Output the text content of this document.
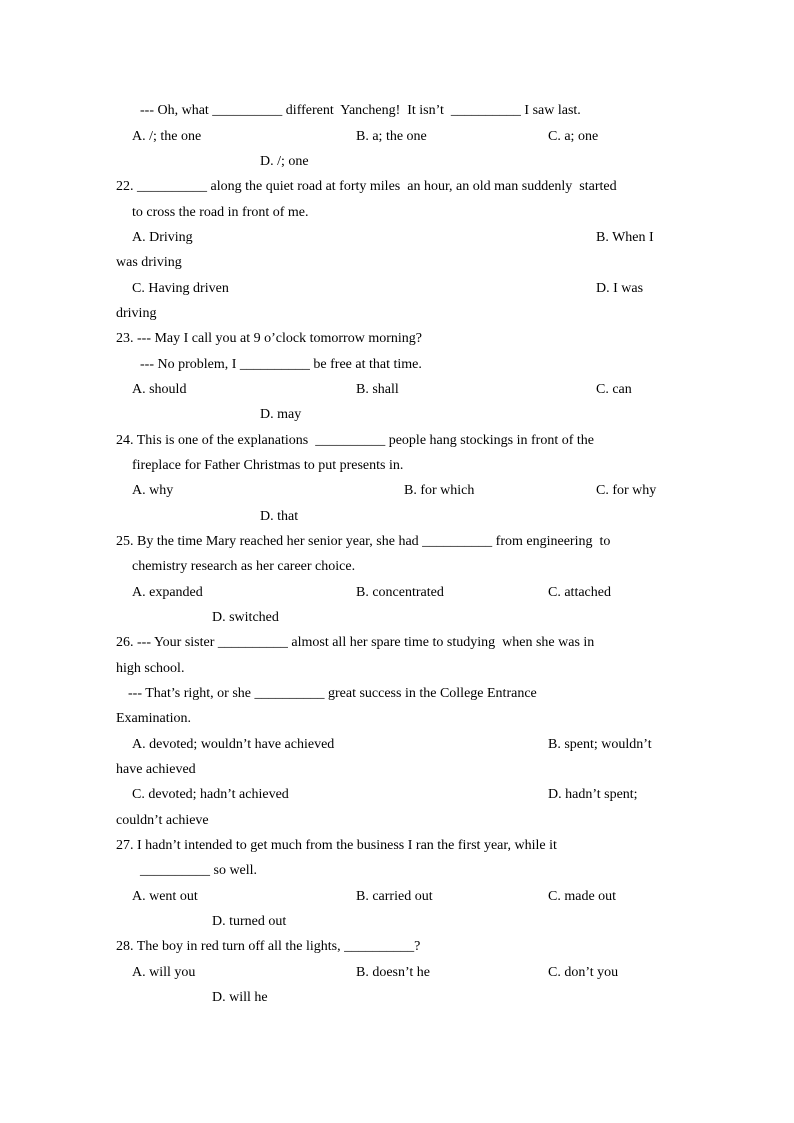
--- Oh, what __________ different  Yancheng!  It isn’t  __________ I saw last.
A. /; the one	B. a; the one	C. a; one
D. /; one
22. __________ along the quiet road at forty miles  an hour, an old man suddenly  started
to cross the road in front of me.
A. Driving	B. When I
was driving
C. Having driven	D. I was
driving
23. --- May I call you at 9 o’clock tomorrow morning?
--- No problem, I __________ be free at that time.
A. should	B. shall	C. can
D. may
24. This is one of the explanations  __________ people hang stockings in front of the
fireplace for Father Christmas to put presents in.
A. why	B. for which	C. for why
D. that
25. By the time Mary reached her senior year, she had __________ from engineering  to
chemistry research as her career choice.
A. expanded	B. concentrated	C. attached
D. switched
26. --- Your sister __________ almost all her spare time to studying  when she was in
high school.
--- That’s right, or she __________ great success in the College Entrance
Examination.
A. devoted; wouldn’t have achieved	B. spent; wouldn’t
have achieved
C. devoted; hadn’t achieved	D. hadn’t spent;
couldn’t achieve
27. I hadn’t intended to get much from the business I ran the first year, while it
__________ so well.
A. went out	B. carried out	C. made out
D. turned out
28. The boy in red turn off all the lights, __________?
A. will you	B. doesn’t he	C. don’t you
D. will he
